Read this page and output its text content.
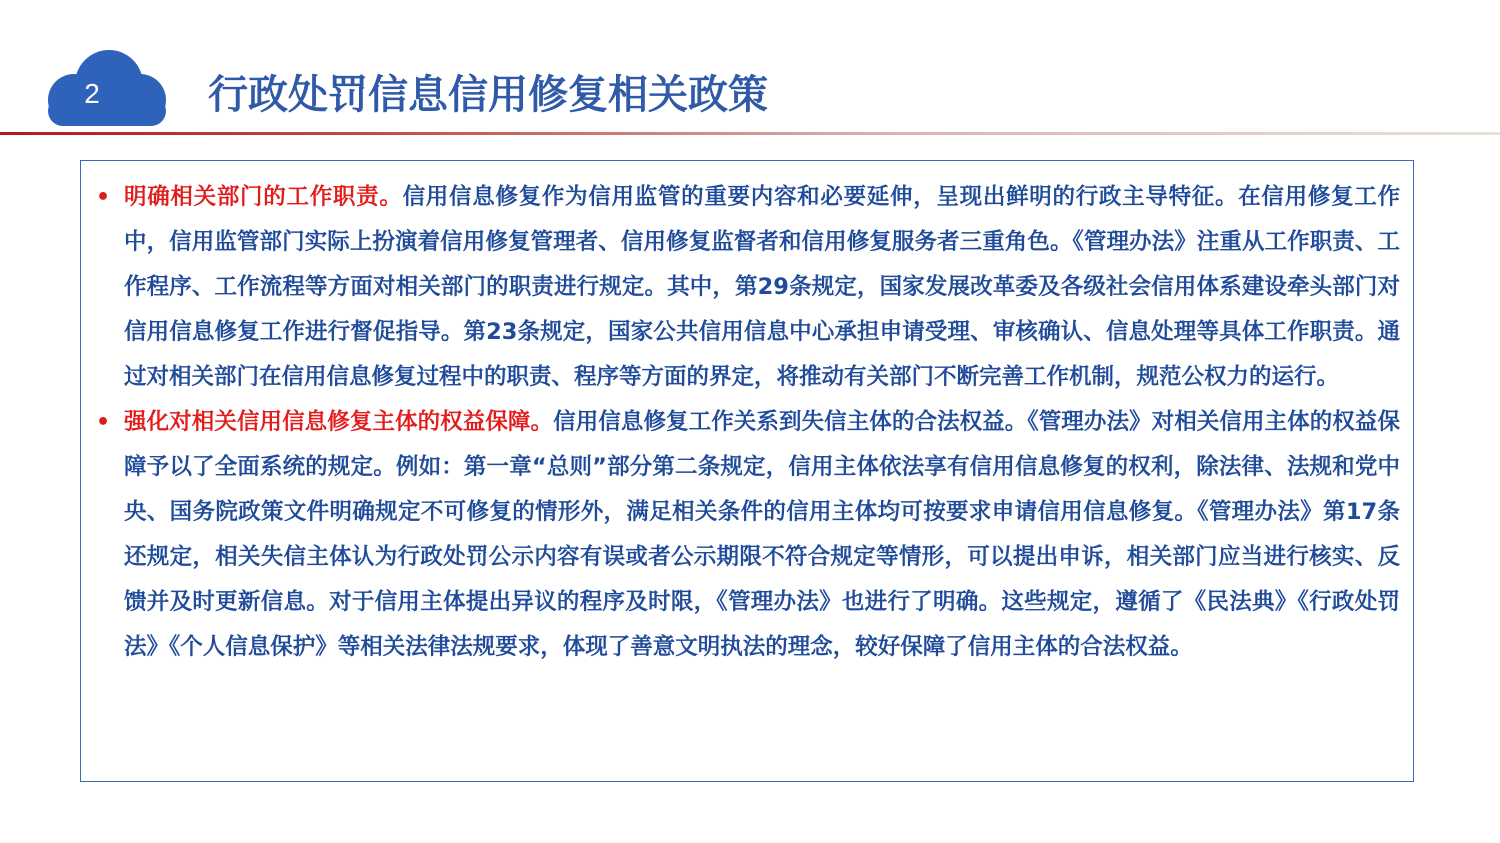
2	行政处罚信息信用修复相关政策
• 明确相关部门的工作职责。信用信息修复作为信用监管的重要内容和必要延伸，呈现出鲜明的行政主导特征。在信用修复工作中，信用监管部门实际上扮演着信用修复管理者、信用修复监督者和信用修复服务者三重角色。《管理办法》注重从工作职责、工作程序、工作流程等方面对相关部门的职责进行规定。其中，第29条规定，国家发展改革委及各级社会信用体系建设牵头部门对信用信息修复工作进行督促指导。第23条规定，国家公共信用信息中心承担申请受理、审核确认、信息处理等具体工作职责。通过对相关部门在信用信息修复过程中的职责、程序等方面的界定，将推动有关部门不断完善工作机制，规范公权力的运行。
• 强化对相关信用信息修复主体的权益保障。信用信息修复工作关系到失信主体的合法权益。《管理办法》对相关信用主体的权益保障予以了全面系统的规定。例如：第一章“总则”部分第二条规定，信用主体依法享有信用信息修复的权利，除法律、法规和党中央、国务院政策文件明确规定不可修复的情形外，满足相关条件的信用主体均可按要求申请信用信息修复。《管理办法》第17条还规定，相关失信主体认为行政处罚公示内容有误或者公示期限不符合规定等情形，可以提出申诉，相关部门应当进行核实、反馈并及时更新信息。对于信用主体提出异议的程序及时限，《管理办法》也进行了明确。这些规定，遵循了《民法典》《行政处罚法》《个人信息保护》等相关法律法规要求，体现了善意文明执法的理念，较好保障了信用主体的合法权益。
